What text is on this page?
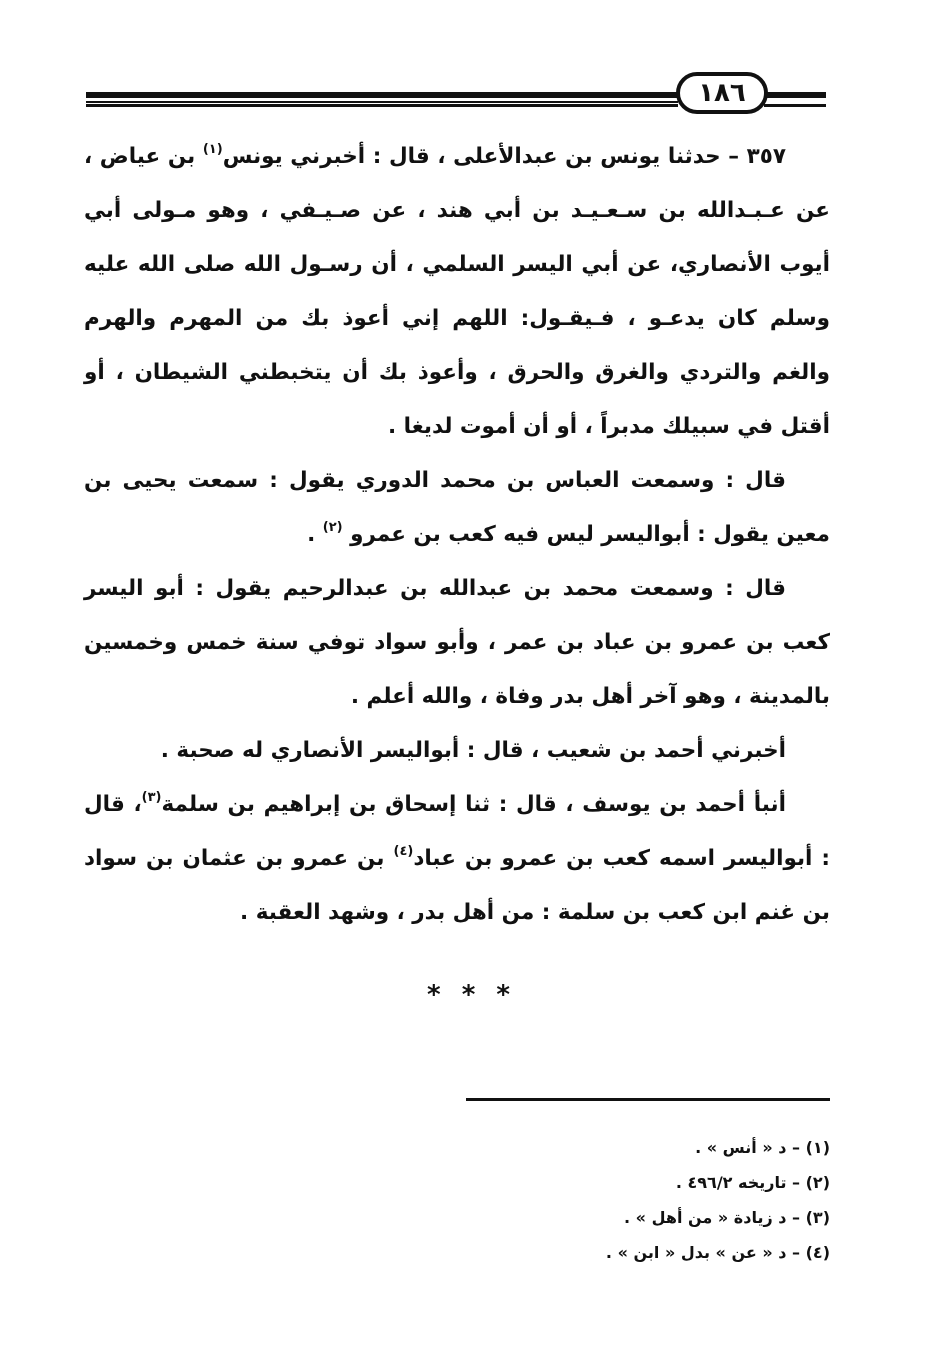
١٨٦

٣٥٧ – حدثنا يونس بن عبدالأعلى ، قال : أخبرني يونس$^{(١)}$ بن عياض ، عن عـبـدالله بن سـعـيـد بن أبي هند ، عن صـيـفي ، وهو مـولى أبي أيوب الأنصاري، عن أبي اليسر السلمي ، أن رسـول الله صلى الله عليه وسلم كان يدعـو ، فـيقـول: اللهم إني أعوذ بك من المهرم والهرم والغم والتردي والغرق والحرق ، وأعوذ بك أن يتخبطني الشيطان ، أو أقتل في سبيلك مدبراً ، أو أن أموت لديغا .

قال : وسمعت العباس بن محمد الدوري يقول : سمعت يحيى بن معين يقول : أبواليسر ليس فيه كعب بن عمرو $^{(٢)}$ .

قال : وسمعت محمد بن عبدالله بن عبدالرحيم يقول : أبو اليسر كعب بن عمرو بن عباد بن عمر ، وأبو سواد توفي سنة خمس وخمسين بالمدينة ، وهو آخر أهل بدر وفاة ، والله أعلم .

أخبرني أحمد بن شعيب ، قال : أبواليسر الأنصاري له صحبة .

أنبأ أحمد بن يوسف ، قال : ثنا إسحاق بن إبراهيم بن سلمة$^{(٣)}$، قال : أبواليسر اسمه كعب بن عمرو بن عباد$^{(٤)}$ بن عمرو بن عثمان بن سواد بن غنم ابن كعب بن سلمة : من أهل بدر ، وشهد العقبة .

* * *
(١) – د « أنس » .
(٢) – تاريخه ٤٩٦/٢ .
(٣) – د زيادة « من أهل » .
(٤) – د « عن » بدل « ابن » .
